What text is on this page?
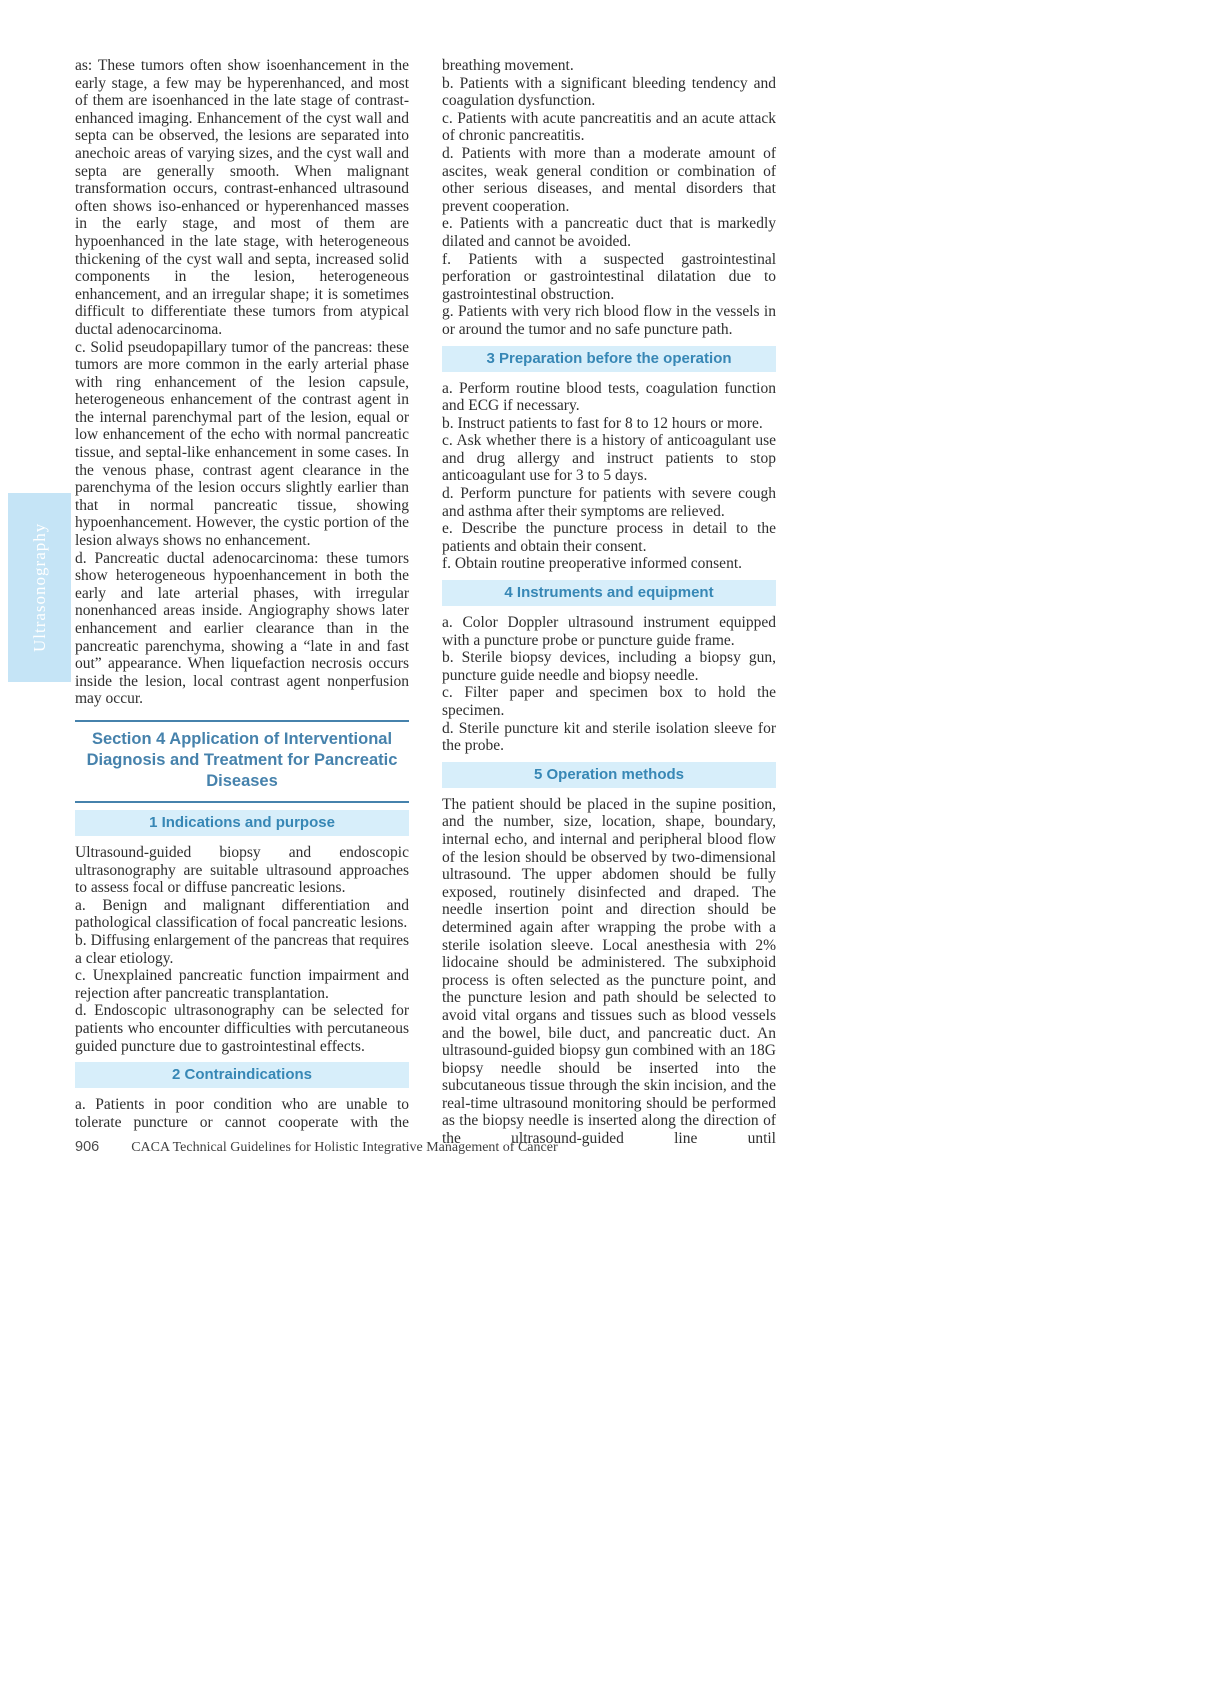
Ultrasonography

as: These tumors often show isoenhancement in the early stage, a few may be hyperenhanced, and most of them are isoenhanced in the late stage of contrast-enhanced imaging. Enhancement of the cyst wall and septa can be observed, the lesions are separated into anechoic areas of varying sizes, and the cyst wall and septa are generally smooth. When malignant transformation occurs, contrast-enhanced ultrasound often shows iso-enhanced or hyperenhanced masses in the early stage, and most of them are hypoenhanced in the late stage, with heterogeneous thickening of the cyst wall and septa, increased solid components in the lesion, heterogeneous enhancement, and an irregular shape; it is sometimes difficult to differentiate these tumors from atypical ductal adenocarcinoma.

c. Solid pseudopapillary tumor of the pancreas: these tumors are more common in the early arterial phase with ring enhancement of the lesion capsule, heterogeneous enhancement of the contrast agent in the internal parenchymal part of the lesion, equal or low enhancement of the echo with normal pancreatic tissue, and septal-like enhancement in some cases. In the venous phase, contrast agent clearance in the parenchyma of the lesion occurs slightly earlier than that in normal pancreatic tissue, showing hypoenhancement. However, the cystic portion of the lesion always shows no enhancement.

d. Pancreatic ductal adenocarcinoma: these tumors show heterogeneous hypoenhancement in both the early and late arterial phases, with irregular nonenhanced areas inside. Angiography shows later enhancement and earlier clearance than in the pancreatic parenchyma, showing a “late in and fast out” appearance. When liquefaction necrosis occurs inside the lesion, local contrast agent nonperfusion may occur.

Section 4 Application of Interventional Diagnosis and Treatment for Pancreatic Diseases
1 Indications and purpose

Ultrasound-guided biopsy and endoscopic ultrasonography are suitable ultrasound approaches to assess focal or diffuse pancreatic lesions.

a. Benign and malignant differentiation and pathological classification of focal pancreatic lesions.

b. Diffusing enlargement of the pancreas that requires a clear etiology.

c. Unexplained pancreatic function impairment and rejection after pancreatic transplantation.

d. Endoscopic ultrasonography can be selected for patients who encounter difficulties with percutaneous guided puncture due to gastrointestinal effects.

2 Contraindications

a. Patients in poor condition who are unable to tolerate puncture or cannot cooperate with the

breathing movement.

b. Patients with a significant bleeding tendency and coagulation dysfunction.

c. Patients with acute pancreatitis and an acute attack of chronic pancreatitis.

d. Patients with more than a moderate amount of ascites, weak general condition or combination of other serious diseases, and mental disorders that prevent cooperation.

e. Patients with a pancreatic duct that is markedly dilated and cannot be avoided.

f. Patients with a suspected gastrointestinal perforation or gastrointestinal dilatation due to gastrointestinal obstruction.

g. Patients with very rich blood flow in the vessels in or around the tumor and no safe puncture path.

3 Preparation before the operation

a. Perform routine blood tests, coagulation function and ECG if necessary.

b. Instruct patients to fast for 8 to 12 hours or more.

c. Ask whether there is a history of anticoagulant use and drug allergy and instruct patients to stop anticoagulant use for 3 to 5 days.

d. Perform puncture for patients with severe cough and asthma after their symptoms are relieved.

e. Describe the puncture process in detail to the patients and obtain their consent.

f. Obtain routine preoperative informed consent.

4 Instruments and equipment

a. Color Doppler ultrasound instrument equipped with a puncture probe or puncture guide frame.

b. Sterile biopsy devices, including a biopsy gun, puncture guide needle and biopsy needle.

c. Filter paper and specimen box to hold the specimen.

d. Sterile puncture kit and sterile isolation sleeve for the probe.

5 Operation methods

The patient should be placed in the supine position, and the number, size, location, shape, boundary, internal echo, and internal and peripheral blood flow of the lesion should be observed by two-dimensional ultrasound. The upper abdomen should be fully exposed, routinely disinfected and draped. The needle insertion point and direction should be determined again after wrapping the probe with a sterile isolation sleeve. Local anesthesia with 2% lidocaine should be administered. The subxiphoid process is often selected as the puncture point, and the puncture lesion and path should be selected to avoid vital organs and tissues such as blood vessels and the bowel, bile duct, and pancreatic duct. An ultrasound-guided biopsy gun combined with an 18G biopsy needle should be inserted into the subcutaneous tissue through the skin incision, and the real-time ultrasound monitoring should be performed as the biopsy needle is inserted along the direction of the ultrasound-guided line until

906 CACA Technical Guidelines for Holistic Integrative Management of Cancer
